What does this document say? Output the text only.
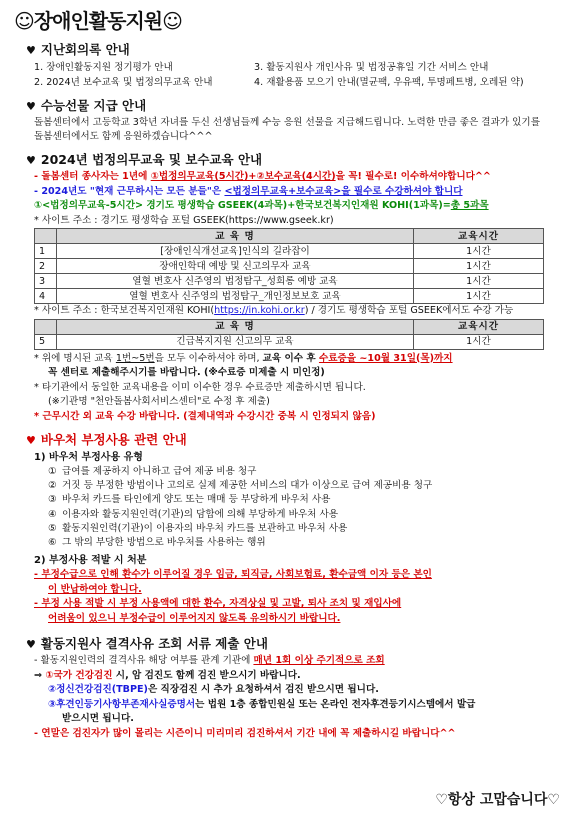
☺장애인활동지원☺
♥ 지난회의록 안내
1. 장애인활동지원 정기평가 안내	3. 활동지원사 개인사유 및 법정공휴일 기간 서비스 안내
2. 2024년 보수교육 및 법정의무교육 안내	4. 재활용품 모으기 안내(멸균팩, 우유팩, 투명페트병, 오레된 약)
♥ 수능선물 지급 안내
돌봄센터에서 고등학교 3학년 자녀를 두신 선생님들께 수능 응원 선물을 지급해드립니다. 노력한 만큼 좋은 결과가 있기를 돌봄센터에서도 함께 응원하겠습니다^^^
♥ 2024년 법정의무교육 및 보수교육 안내
- 돌봄센터 종사자는 1년에 ①법정의무교육(5시간)+②보수교육(4시간)을 꼭! 필수로! 이수하셔야합니다^^
- 2024년도 "현재 근무하시는 모든 분들"은 <법정의무교육+보수교육>을 필수로 수강하셔야 합니다
①<법정의무교육-5시간> 경기도 평생학습 GSEEK(4과목)+한국보건복지인재원 KOHI(1과목)=총 5과목
* 사이트 주소 : 경기도 평생학습 포털 GSEEK(https://www.gseek.kr)
	교 육 명	교육시간
1	[장애인식개선교육]인식의 길라잡이	1시간
2	장애인학대 예방 및 신고의무자 교육	1시간
3	열혈 변호사 신주영의 법정탐구_성희롱 예방 교육	1시간
4	열혈 변호사 신주영의 법정탐구_개인정보보호 교육	1시간
* 사이트 주소 : 한국보건복지인재원 KOHI(https://in.kohi.or.kr) / 경기도 평생학습 포털 GSEEK에서도 수강 가능
	교 육 명	교육시간
5	긴급복지지원 신고의무 교육	1시간
* 위에 명시된 교육 1번~5번을 모두 이수하셔야 하며, 교육 이수 후 수료증을 ~10월 31일(목)까지
꼭 센터로 제출해주시기를 바랍니다. (※수료증 미제출 시 미인정)
* 타기관에서 동일한 교육내용을 이미 이수한 경우 수료증만 제출하시면 됩니다.
(※기관명 "천안돌봄사회서비스센터"로 수정 후 제출)
* 근무시간 외 교육 수강 바랍니다. (결제내역과 수강시간 중복 시 인정되지 않음)
♥ 바우처 부정사용 관련 안내
1) 바우처 부정사용 유형
① 급여를 제공하지 아니하고 급여 제공 비용 청구
② 거짓 등 부정한 방법이나 고의로 실제 제공한 서비스의 대가 이상으로 급여 제공비용 청구
③ 바우처 카드를 타인에게 양도 또는 매매 등 부당하게 바우처 사용
④ 이용자와 활동지원인력(기관)의 담합에 의해 부당하게 바우처 사용
⑤ 활동지원인력(기관)이 이용자의 바우처 카드를 보관하고 바우처 사용
⑥ 그 밖의 부당한 방법으로 바우처를 사용하는 행위
2) 부정사용 적발 시 처분
- 부정수급으로 인해 환수가 이루어질 경우 임금, 퇴직금, 사회보험료, 환수금액 이자 등은 본인
이 반납하여야 합니다.
- 부정 사용 적발 시 부정 사용액에 대한 환수, 자격상실 및 고발, 퇴사 조치 및 재입사에
어려움이 있으니 부정수급이 이루어지지 않도록 유의하시기 바랍니다.
♥ 활동지원사 결격사유 조회 서류 제출 안내
- 활동지원인력의 결격사유 해당 여부를 관계 기관에 매년 1회 이상 주기적으로 조회
⇒ ①국가 건강검진 시, 암 검진도 함께 검진 받으시기 바랍니다.
②정신건강검진(TBPE)은 직장검진 시 추가 요청하셔서 검진 받으시면 됩니다.
③후견인등기사항부존재사실증명서는 법원 1층 종합민원실 또는 온라인 전자후견등기시스템에서 발급
받으시면 됩니다.
- 연말은 검진자가 많이 몰리는 시즌이니 미리미리 검진하셔서 기간 내에 꼭 제출하시길 바랍니다^^
♡항상 고맙습니다♡
